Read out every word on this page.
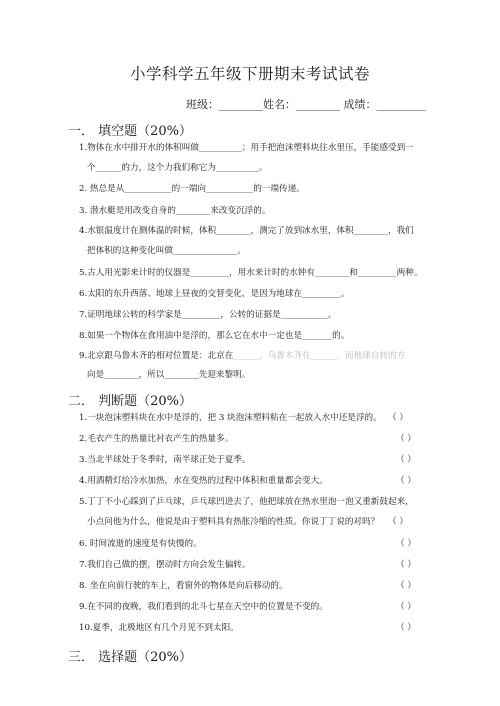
小学科学五年级下册期末考试试卷
班级：________姓名：________ 成绩：_________
一． 填空题（20%）
1.物体在水中排开水的体积叫做__________；用手把泡沫塑料块往水里压，手能感受到一
个______的力，这个力我们称它为__________。
2. 热总是从___________的一端向___________的一端传递。
3. 潜水艇是用改变自身的________来改变沉浮的。
4.水银温度计在测体温的时候，体积________，测完了放到冰水里，体积________，我们
把体积的这种变化叫做_______________。
5.古人用光影来计时的仪器是_________，用水来计时的水钟有________和_________两种。
6.太阳的东升西落、地球上昼夜的交替变化，是因为地球在_________。
7.证明地球公转的科学家是_________，公转的证据是___________。
8.如果一个物体在食用油中是浮的，那么它在水中一定也是_______的。
9.北京跟乌鲁木齐的相对位置是：北京在______，乌鲁木齐在______，而地球自转的方
向是________，所以________先迎来黎明。
二． 判断题（20%）
1.一块泡沫塑料块在水中是浮的，把 3 块泡沫塑料粘在一起放入水中还是浮的。 （ ）
2.毛衣产生的热量比衬衣产生的热量多。	（ ）
3.当北半球处于冬季时，南半球正处于夏季。	（ ）
4.用酒精灯给冷水加热，水在变热的过程中体积和重量都会变大。	（ ）
5.丁丁不小心踩到了乒乓球，乒乓球凹进去了，他把球放在热水里泡一泡又重新鼓起来，
小点问他为什么，他说是由于塑料具有热胀冷缩的性质。你说丁丁说的对吗？ （ ）
6. 时间流逝的速度是有快慢的。	（ ）
7.我们自己做的摆，摆动时方向会发生偏转。	（ ）
8. 坐在向前行驶的车上，看窗外的物体是向后移动的。	（ ）
9.在不同的夜晚，我们看到的北斗七星在天空中的位置是不变的。	（ ）
10.夏季，北极地区有几个月见不到太阳。	（ ）
三． 选择题（20%）
